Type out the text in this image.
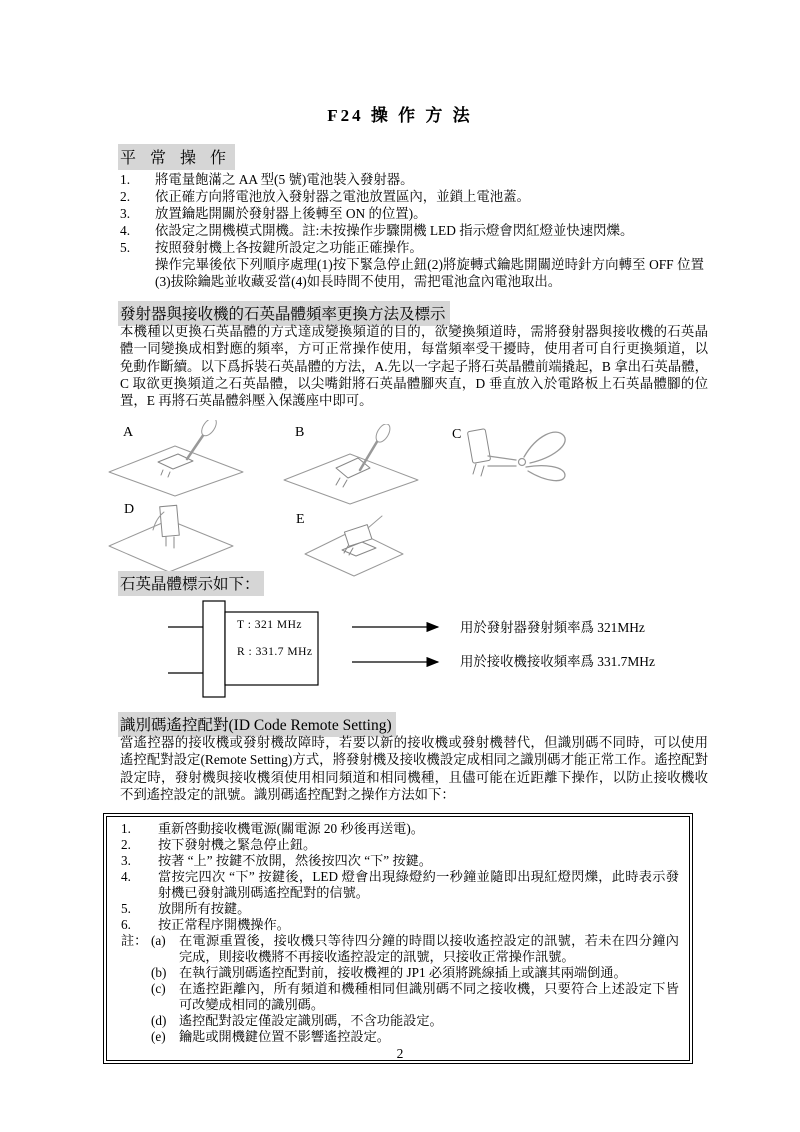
F24 操 作 方 法
平 常 操 作
1.	將電量飽滿之 AA 型(5 號)電池裝入發射器。
2.	依正確方向將電池放入發射器之電池放置區內，並鎖上電池蓋。
3.	放置鑰匙開關於發射器上後轉至 ON 的位置)。
4.	依設定之開機模式開機。註:未按操作步驟開機 LED 指示燈會閃紅燈並快速閃爍。
5.	按照發射機上各按鍵所設定之功能正確操作。
操作完畢後依下列順序處理(1)按下緊急停止鈕(2)將旋轉式鑰匙開關逆時針方向轉至 OFF 位置(3)拔除鑰匙並收藏妥當(4)如長時間不使用，需把電池盒內電池取出。
發射器與接收機的石英晶體頻率更換方法及標示
本機種以更換石英晶體的方式達成變換頻道的目的，欲變換頻道時，需將發射器與接收機的石英晶體一同變換成相對應的頻率，方可正常操作使用，每當頻率受干擾時，使用者可自行更換頻道，以免動作斷續。以下爲拆裝石英晶體的方法，A.先以一字起子將石英晶體前端撬起，B 拿出石英晶體，C 取欲更換頻道之石英晶體，以尖嘴鉗將石英晶體腳夾直，D 垂直放入於電路板上石英晶體腳的位置，E 再將石英晶體斜壓入保護座中即可。
A	B	C
D
E
石英晶體標示如下：
T : 321 MHz
R : 331.7 MHz
用於發射器發射頻率爲 321MHz
用於接收機接收頻率爲 331.7MHz
識別碼遙控配對(ID Code Remote Setting)
當遙控器的接收機或發射機故障時，若要以新的接收機或發射機替代，但識別碼不同時，可以使用遙控配對設定(Remote Setting)方式，將發射機及接收機設定成相同之識別碼才能正常工作。遙控配對設定時，發射機與接收機須使用相同頻道和相同機種，且儘可能在近距離下操作，以防止接收機收不到遙控設定的訊號。識別碼遙控配對之操作方法如下：
1.	重新啓動接收機電源(關電源 20 秒後再送電)。
2.	按下發射機之緊急停止鈕。
3.	按著 “上” 按鍵不放開，然後按四次 “下” 按鍵。
4.	當按完四次 “下” 按鍵後，LED 燈會出現綠燈約一秒鐘並隨即出現紅燈閃爍，此時表示發射機已發射識別碼遙控配對的信號。
5.	放開所有按鍵。
6.	按正常程序開機操作。
註： (a)	在電源重置後，接收機只等待四分鐘的時間以接收遙控設定的訊號，若未在四分鐘內完成，則接收機將不再接收遙控設定的訊號，只接收正常操作訊號。
(b) 在執行識別碼遙控配對前，接收機裡的 JP1 必須將跳線插上或讓其兩端倒通。
(c)	在遙控距離內，所有頻道和機種相同但識別碼不同之接收機，只要符合上述設定下皆可改變成相同的識別碼。
(d) 遙控配對設定僅設定識別碼，不含功能設定。
(e)	鑰匙或開機鍵位置不影響遙控設定。
2
